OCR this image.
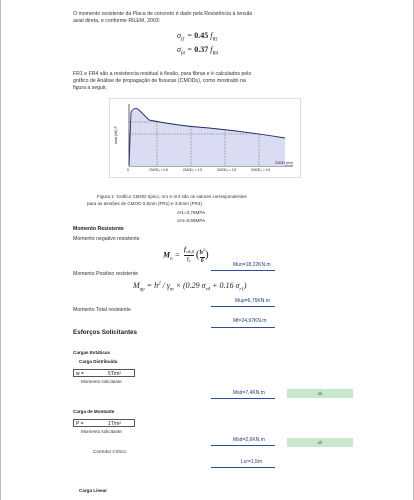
O momento resistente da Placa de concreto é dado pela Resistência à tensão
axial direta, e conforme RILEM, 2003:
$\sigma_{f1} = 0.45$ $f_{R1}$
$\sigma_{f4} = 0.37$ $f_{R4}$
FR1 e FR4 são a resistencia residual à flexão, para fibras e é calculados pelo
gráfico de Análise de propagação de fissuras (CMODs), como mostrado na
figura a seguir.
load (kN) F
0	CMOD₁ = 0.5	CMOD₂ = 1.5	CMOD₃ = 2.5	CMOD₄ = 3.5
CMOD (mm)
Figura 1: Gráfico CMOD típico, σr1 e σr4 são os valores correspondentes
para as tensões de CMOD 0,5mm (FR1) e 3,5mm (FR4)
σr1=0,76MPa
σr4=0,66MPa
Momento Resistente
Momento negativo resistente
$M_n$ =
$f_{ctk,fl}$
$\gamma_c$
( $\frac{h^2}{6}$ )
Mun=18,22KN.m
Momento Positivo resistente
$M_{up} = h^2 / \gamma_m \times (0.29$ $\sigma_{r4} + 0.16$ $\sigma_{r1}$)
Mup=6,75KN.m
Momento Total resistente
Mt=24,97KN.m
Esforços Solicitantes
Cargas Estáticas
Carga Distribuída
w =	5T/m²
Momento solicitante
Msd=7,4KN.m	ok
Carga de Montante
P =	1T/m²
Momento solicitante
Msd=2,6KN.m	ok
Corredor Crítico:
Lcr=1,5m
Carga Linear
